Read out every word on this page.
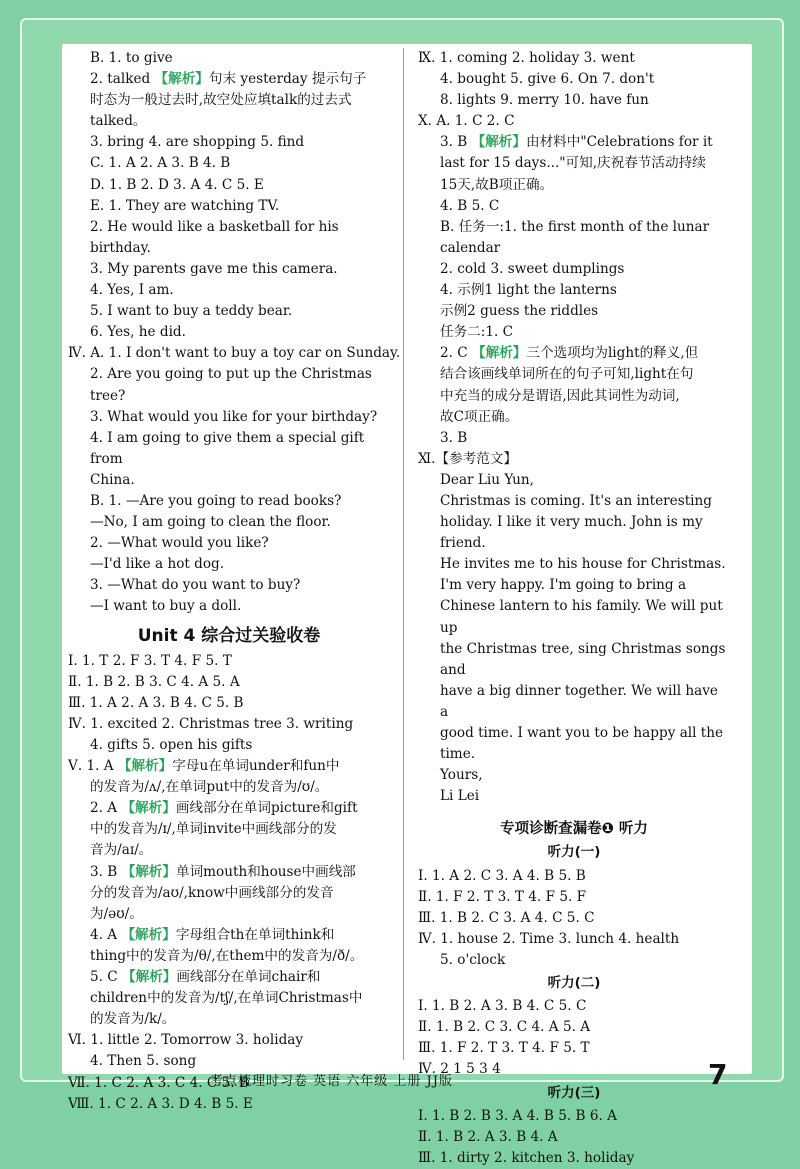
B. 1. to give
2. talked 【解析】句末 yesterday 提示句子
时态为一般过去时,故空处应填talk的过去式
talked。
3. bring 4. are shopping 5. find
C. 1. A 2. A 3. B 4. B
D. 1. B 2. D 3. A 4. C 5. E
E. 1. They are watching TV.
2. He would like a basketball for his birthday.
3. My parents gave me this camera.
4. Yes, I am.
5. I want to buy a teddy bear.
6. Yes, he did.
Ⅳ. A. 1. I don't want to buy a toy car on Sunday.
2. Are you going to put up the Christmas tree?
3. What would you like for your birthday?
4. I am going to give them a special gift from
China.
B. 1. —Are you going to read books?
—No, I am going to clean the floor.
2. —What would you like?
—I'd like a hot dog.
3. —What do you want to buy?
—I want to buy a doll.
Unit 4 综合过关验收卷
Ⅰ. 1. T 2. F 3. T 4. F 5. T
Ⅱ. 1. B 2. B 3. C 4. A 5. A
Ⅲ. 1. A 2. A 3. B 4. C 5. B
Ⅳ. 1. excited 2. Christmas tree 3. writing
4. gifts 5. open his gifts
Ⅴ. 1. A 【解析】字母u在单词under和fun中
的发音为/ʌ/,在单词put中的发音为/ʊ/。
2. A 【解析】画线部分在单词picture和gift
中的发音为/ɪ/,单词invite中画线部分的发
音为/aɪ/。
3. B 【解析】单词mouth和house中画线部
分的发音为/aʊ/,know中画线部分的发音
为/əʊ/。
4. A 【解析】字母组合th在单词think和
thing中的发音为/θ/,在them中的发音为/ð/。
5. C 【解析】画线部分在单词chair和
children中的发音为/tʃ/,在单词Christmas中
的发音为/k/。
Ⅵ. 1. little 2. Tomorrow 3. holiday
4. Then 5. song
Ⅶ. 1. C 2. A 3. C 4. C 5. B
Ⅷ. 1. C 2. A 3. D 4. B 5. E
Ⅸ. 1. coming 2. holiday 3. went
4. bought 5. give 6. On 7. don't
8. lights 9. merry 10. have fun
Ⅹ. A. 1. C 2. C
3. B 【解析】由材料中"Celebrations for it
last for 15 days..."可知,庆祝春节活动持续
15天,故B项正确。
4. B 5. C
B. 任务一:1. the first month of the lunar
calendar
2. cold 3. sweet dumplings
4. 示例1 light the lanterns
示例2 guess the riddles
任务二:1. C
2. C 【解析】三个选项均为light的释义,但
结合该画线单词所在的句子可知,light在句
中充当的成分是谓语,因此其词性为动词,
故C项正确。
3. B
Ⅺ.【参考范文】
Dear Liu Yun,
Christmas is coming. It's an interesting
holiday. I like it very much. John is my friend.
He invites me to his house for Christmas.
I'm very happy. I'm going to bring a
Chinese lantern to his family. We will put up
the Christmas tree, sing Christmas songs and
have a big dinner together. We will have a
good time. I want you to be happy all the time.
Yours,
Li Lei
专项诊断查漏卷❶ 听力
听力(一)
Ⅰ. 1. A 2. C 3. A 4. B 5. B
Ⅱ. 1. F 2. T 3. T 4. F 5. F
Ⅲ. 1. B 2. C 3. A 4. C 5. C
Ⅳ. 1. house 2. Time 3. lunch 4. health
5. o'clock
听力(二)
Ⅰ. 1. B 2. A 3. B 4. C 5. C
Ⅱ. 1. B 2. C 3. C 4. A 5. A
Ⅲ. 1. F 2. T 3. T 4. F 5. T
Ⅳ. 2 1 5 3 4
听力(三)
Ⅰ. 1. B 2. B 3. A 4. B 5. B 6. A
Ⅱ. 1. B 2. A 3. B 4. A
Ⅲ. 1. dirty 2. kitchen 3. holiday
考点梳理时习卷 英语 六年级 上册 JJ版	7
